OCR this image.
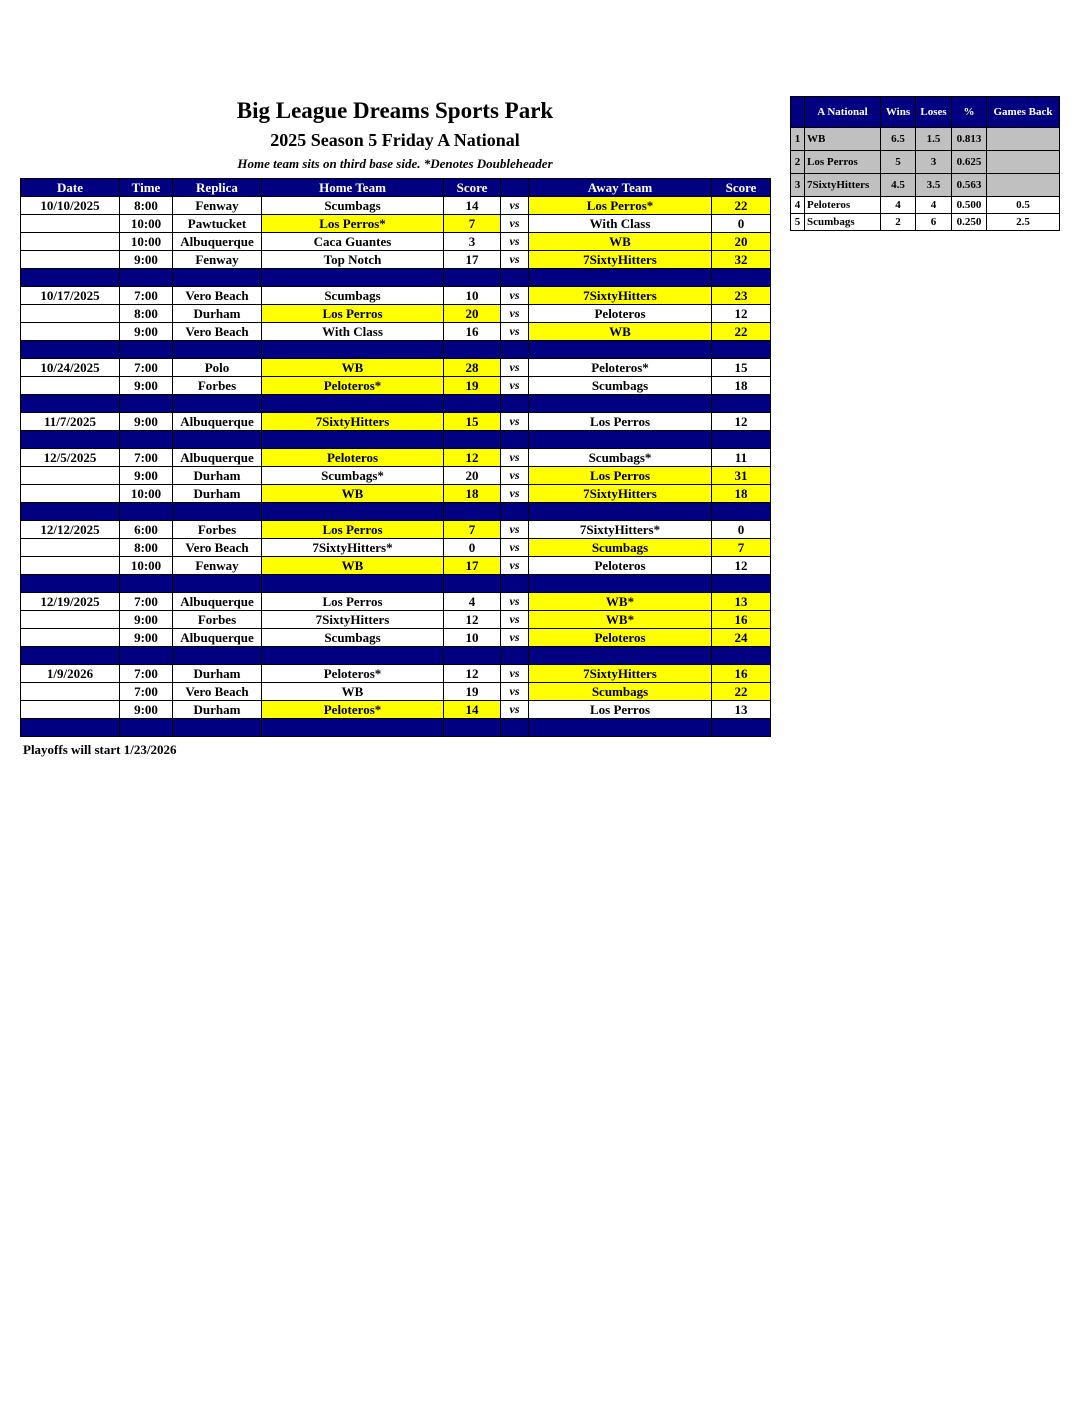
Big League Dreams Sports Park
2025 Season 5 Friday A National
Home team sits on third base side. *Denotes Doubleheader
Date	Time	Replica	Home Team	Score		Away Team	Score
10/10/2025	8:00	Fenway	Scumbags	14	vs	Los Perros*	22
	10:00	Pawtucket	Los Perros*	7	vs	With Class	0
	10:00	Albuquerque	Caca Guantes	3	vs	WB	20
	9:00	Fenway	Top Notch	17	vs	7SixtyHitters	32

10/17/2025	7:00	Vero Beach	Scumbags	10	vs	7SixtyHitters	23
	8:00	Durham	Los Perros	20	vs	Peloteros	12
	9:00	Vero Beach	With Class	16	vs	WB	22

10/24/2025	7:00	Polo	WB	28	vs	Peloteros*	15
	9:00	Forbes	Peloteros*	19	vs	Scumbags	18

11/7/2025	9:00	Albuquerque	7SixtyHitters	15	vs	Los Perros	12

12/5/2025	7:00	Albuquerque	Peloteros	12	vs	Scumbags*	11
	9:00	Durham	Scumbags*	20	vs	Los Perros	31
	10:00	Durham	WB	18	vs	7SixtyHitters	18

12/12/2025	6:00	Forbes	Los Perros	7	vs	7SixtyHitters*	0
	8:00	Vero Beach	7SixtyHitters*	0	vs	Scumbags	7
	10:00	Fenway	WB	17	vs	Peloteros	12

12/19/2025	7:00	Albuquerque	Los Perros	4	vs	WB*	13
	9:00	Forbes	7SixtyHitters	12	vs	WB*	16
	9:00	Albuquerque	Scumbags	10	vs	Peloteros	24

1/9/2026	7:00	Durham	Peloteros*	12	vs	7SixtyHitters	16
	7:00	Vero Beach	WB	19	vs	Scumbags	22
	9:00	Durham	Peloteros*	14	vs	Los Perros	13

Playoffs will start 1/23/2026
	A National	Wins	Loses	%	Games Back
1	WB	6.5	1.5	0.813	
2	Los Perros	5	3	0.625	
3	7SixtyHitters	4.5	3.5	0.563	
4	Peloteros	4	4	0.500	0.5
5	Scumbags	2	6	0.250	2.5
